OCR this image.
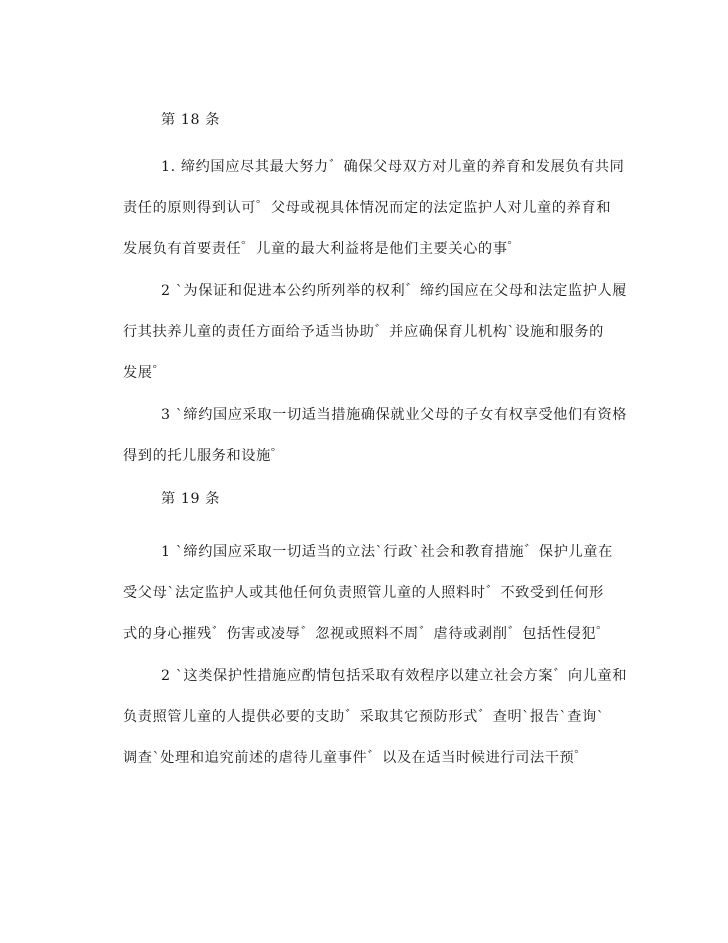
第 18 条
1. 缔约国应尽其最大努力゛确保父母双方对儿童的养育和发展负有共同
责任的原则得到认可゜父母或视具体情况而定的法定监护人对儿童的养育和
发展负有首要责任゜儿童的最大利益将是他们主要关心的事゜
2 `为保证和促进本公约所列举的权利゛缔约国应在父母和法定监护人履
行其扶养儿童的责任方面给予适当协助゛并应确保育儿机构ˋ设施和服务的
发展゜
3 `缔约国应采取一切适当措施确保就业父母的子女有权享受他们有资格
得到的托儿服务和设施゜
第 19 条
1 `缔约国应采取一切适当的立法ˋ行政ˋ社会和教育措施゛保护儿童在
受父母ˋ法定监护人或其他任何负责照管儿童的人照料时゛不致受到任何形
式的身心摧残゛伤害或凌辱゛忽视或照料不周゛虐待或剥削゛包括性侵犯゜
2 `这类保护性措施应酌情包括采取有效程序以建立社会方案゛向儿童和
负责照管儿童的人提供必要的支助゛采取其它预防形式゛查明ˋ报告ˋ查询ˋ
调查ˋ处理和追究前述的虐待儿童事件゛以及在适当时候进行司法干预゜
